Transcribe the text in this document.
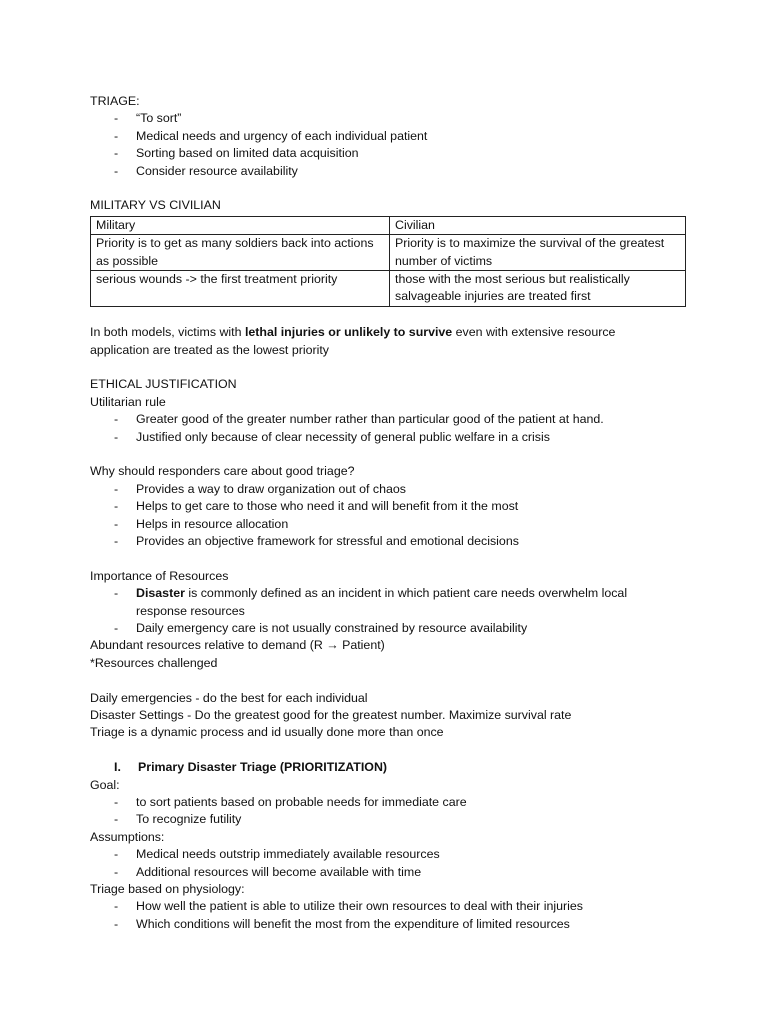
TRIAGE:
- “To sort”
- Medical needs and urgency of each individual patient
- Sorting based on limited data acquisition
- Consider resource availability
MILITARY VS CIVILIAN
Military	Civilian
Priority is to get as many soldiers back into actions as possible	Priority is to maximize the survival of the greatest number of victims
serious wounds -> the first treatment priority	those with the most serious but realistically salvageable injuries are treated first
In both models, victims with lethal injuries or unlikely to survive even with extensive resource application are treated as the lowest priority
ETHICAL JUSTIFICATION
Utilitarian rule
- Greater good of the greater number rather than particular good of the patient at hand.
- Justified only because of clear necessity of general public welfare in a crisis
Why should responders care about good triage?
- Provides a way to draw organization out of chaos
- Helps to get care to those who need it and will benefit from it the most
- Helps in resource allocation
- Provides an objective framework for stressful and emotional decisions
Importance of Resources
- Disaster is commonly defined as an incident in which patient care needs overwhelm local response resources
- Daily emergency care is not usually constrained by resource availability
Abundant resources relative to demand (R → Patient)
*Resources challenged
Daily emergencies - do the best for each individual
Disaster Settings - Do the greatest good for the greatest number. Maximize survival rate
Triage is a dynamic process and id usually done more than once
I. Primary Disaster Triage (PRIORITIZATION)
Goal:
- to sort patients based on probable needs for immediate care
- To recognize futility
Assumptions:
- Medical needs outstrip immediately available resources
- Additional resources will become available with time
Triage based on physiology:
- How well the patient is able to utilize their own resources to deal with their injuries
- Which conditions will benefit the most from the expenditure of limited resources
